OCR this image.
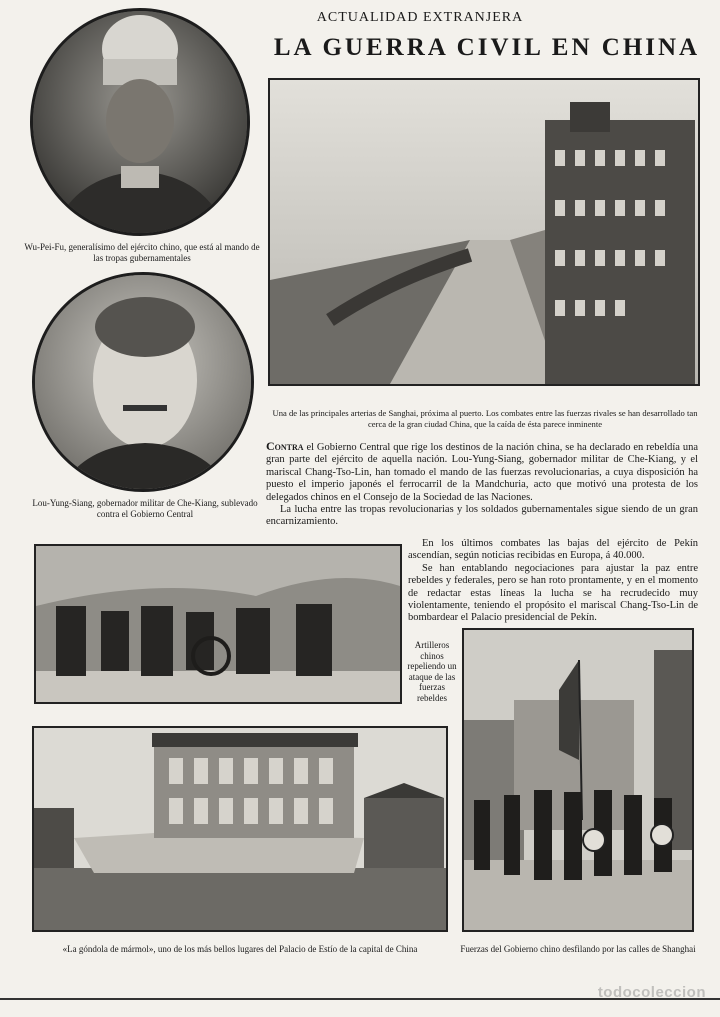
ACTUALIDAD EXTRANJERA
LA GUERRA CIVIL EN CHINA
Wu-Pei-Fu, generalísimo del ejército chino, que está al mando de las tropas gubernamentales
Lou-Yung-Siang, gobernador militar de Che-Kiang, sublevado contra el Gobierno Central
Una de las principales arterias de Sanghai, próxima al puerto. Los combates entre las fuerzas rivales se han desarrollado tan cerca de la gran ciudad China, que la caída de ésta parece inminente

Contra el Gobierno Central que rige los destinos de la nación china, se ha declarado en rebeldía una gran parte del ejército de aquella nación. Lou-Yung-Siang, gobernador militar de Che-Kiang, y el mariscal Chang-Tso-Lin, han tomado el mando de las fuerzas revolucionarias, a cuya disposición ha puesto el imperio japonés el ferrocarril de la Mandchuria, acto que motivó una protesta de los delegados chinos en el Consejo de la Sociedad de las Naciones.

La lucha entre las tropas revolucionarias y los soldados gubernamentales sigue siendo de un gran encarnizamiento.

En los últimos combates las bajas del ejército de Pekín ascendían, según noticias recibidas en Europa, á 40.000.

Se han entablando negociaciones para ajustar la paz entre rebeldes y federales, pero se han roto prontamente, y en el momento de redactar estas líneas la lucha se ha recrudecido muy violentamente, teniendo el propósito el mariscal Chang-Tso-Lin de bombardear el Palacio presidencial de Pekín.

Artilleros chinos repeliendo un ataque de las fuerzas rebeldes
«La góndola de mármol», uno de los más bellos lugares del Palacio de Estío de la capital de China	Fuerzas del Gobierno chino desfilando por las calles de Shanghai
todocoleccion
